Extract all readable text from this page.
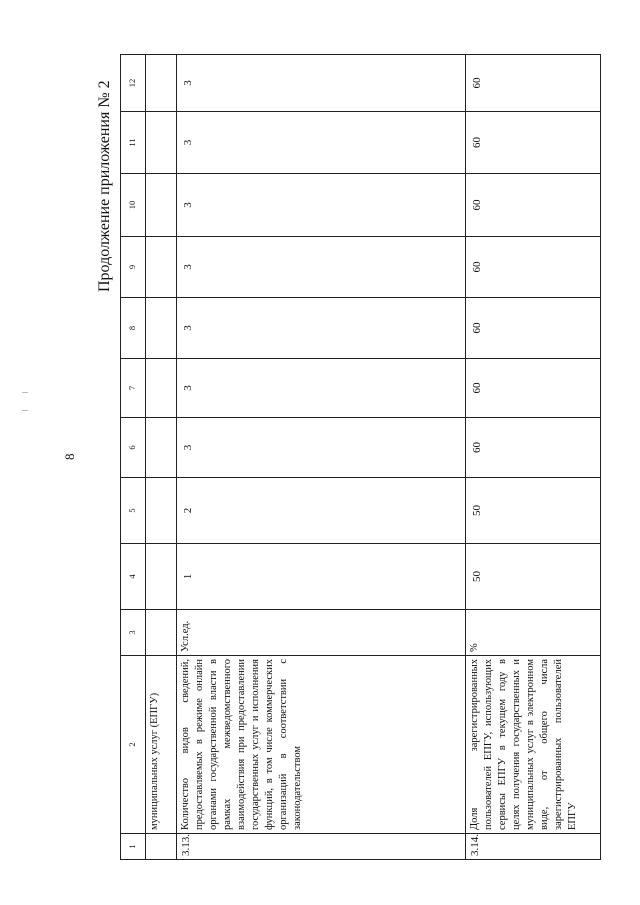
8
Продолжение приложения № 2
1	2	3	4	5	6	7	8	9	10	11	12
	муниципальных услуг (ЕПГУ)										
3.13.	Количество видов сведений, предоставляемых в режиме онлайн органами государственной власти в рамках межведомственного взаимодействия при предоставлении государственных услуг и исполнения функций, в том числе коммерческих организаций в соответствии с законодательством	Усл.ед.	1	2	3	3	3	3	3	3	3
3.14.	Доля зарегистрированных пользователей ЕПГУ, использующих сервисы ЕПГУ в текущем году в целях получения государственных и муниципальных услуг в электронном виде, от общего числа зарегистрированных пользователей ЕПГУ	%	50	50	60	60	60	60	60	60	60
